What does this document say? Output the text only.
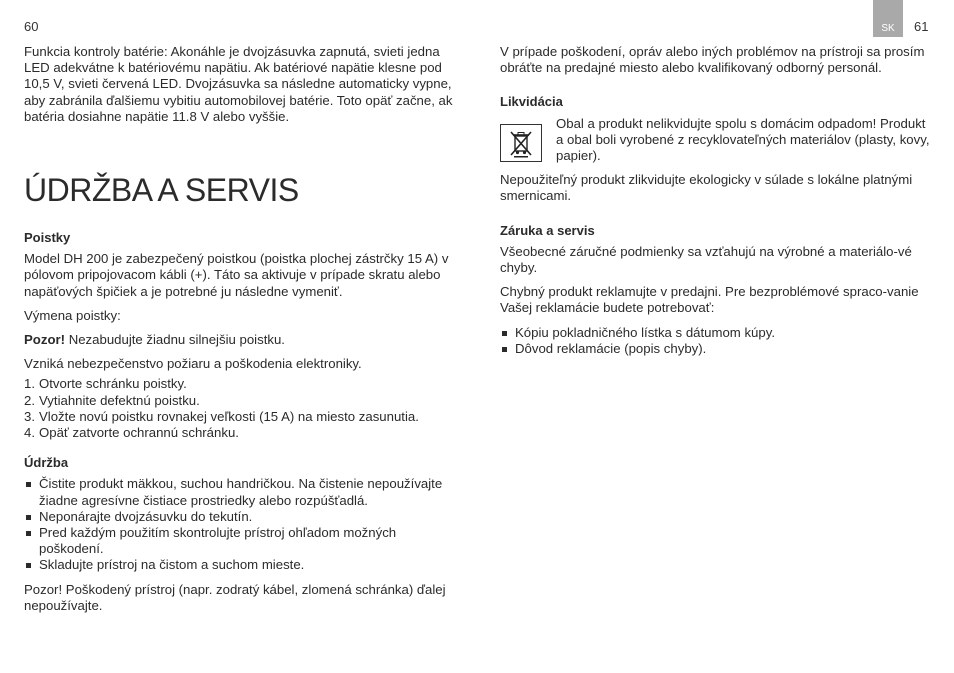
60	SK	61

Funkcia kontroly batérie: Akonáhle je dvojzásuvka zapnutá, svieti jedna LED adekvátne k batériovému napätiu. Ak batériové napätie klesne pod 10,5 V, svieti červená LED. Dvojzásuvka sa následne automaticky vypne, aby zabránila ďalšiemu vybitiu automobilovej batérie. Toto opäť začne, ak batéria dosiahne napätie 11.8 V alebo vyššie.

ÚDRŽBA A SERVIS
Poistky

Model DH 200 je zabezpečený poistkou (poistka plochej zástrčky 15 A) v pólovom pripojovacom kábli (+). Táto sa aktivuje v prípade skratu alebo napäťových špičiek a je potrebné ju následne vymeniť.

Výmena poistky:

Pozor! Nezabudujte žiadnu silnejšiu poistku.

Vzniká nebezpečenstvo požiaru a poškodenia elektroniky.

1. Otvorte schránku poistky.
2. Vytiahnite defektnú poistku.
3. Vložte novú poistku rovnakej veľkosti (15 A) na miesto zasunutia.
4. Opäť zatvorte ochrannú schránku.
Údržba
Čistite produkt mäkkou, suchou handričkou. Na čistenie nepoužívajte žiadne agresívne čistiace prostriedky alebo rozpúšťadlá.
Neponárajte dvojzásuvku do tekutín.
Pred každým použitím skontrolujte prístroj ohľadom možných poškodení.
Skladujte prístroj na čistom a suchom mieste.

Pozor! Poškodený prístroj (napr. zodratý kábel, zlomená schránka) ďalej nepoužívajte.

V prípade poškodení, opráv alebo iných problémov na prístroji sa prosím obráťte na predajné miesto alebo kvalifikovaný odborný personál.

Likvidácia
Obal a produkt nelikvidujte spolu s domácim odpadom! Produkt a obal boli vyrobené z recyklovateľných materiálov (plasty, kovy, papier).

Nepoužiteľný produkt zlikvidujte ekologicky v súlade s lokálne platnými smernicami.

Záruka a servis

Všeobecné záručné podmienky sa vzťahujú na výrobné a materiálo-vé chyby.

Chybný produkt reklamujte v predajni. Pre bezproblémové spraco-vanie Vašej reklamácie budete potrebovať:

Kópiu pokladničného lístka s dátumom kúpy.
Dôvod reklamácie (popis chyby).
